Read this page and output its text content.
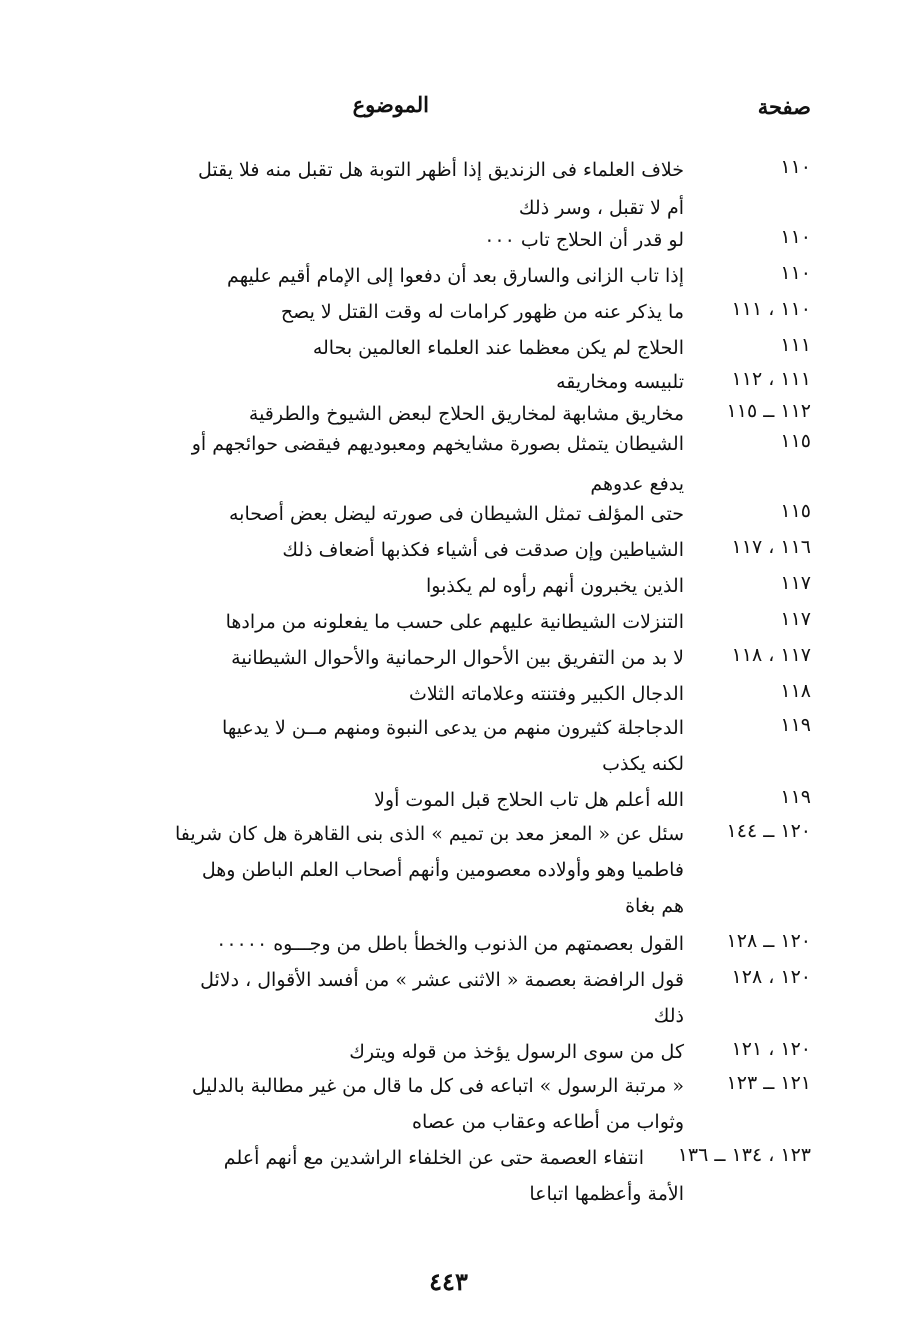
صفحة
الموضوع
١١٠
خلاف العلماء فى الزنديق إذا أظهر التوبة هل تقبل منه فلا يقتل
أم لا تقبل ، وسر ذلك
١١٠
لو قدر أن الحلاج تاب ٠٠٠
١١٠
إذا تاب الزانى والسارق بعد أن دفعوا إلى الإمام أقيم عليهم
١١٠ ، ١١١
ما يذكر عنه من ظهور كرامات له وقت القتل لا يصح
١١١
الحلاج لم يكن معظما عند العلماء العالمين بحاله
١١١ ، ١١٢
تلبيسه ومخاريقه
١١٢ ــ ١١٥
مخاريق مشابهة لمخاريق الحلاج لبعض الشيوخ والطرقية
١١٥
الشيطان يتمثل بصورة مشايخهم ومعبوديهم فيقضى حوائجهم أو
يدفع عدوهم
١١٥
حتى المؤلف تمثل الشيطان فى صورته ليضل بعض أصحابه
١١٦ ، ١١٧
الشياطين وإن صدقت فى أشياء فكذبها أضعاف ذلك
١١٧
الذين يخبرون أنهم رأوه لم يكذبوا
١١٧
التنزلات الشيطانية عليهم على حسب ما يفعلونه من مرادها
١١٧ ، ١١٨
لا بد من التفريق بين الأحوال الرحمانية والأحوال الشيطانية
١١٨
الدجال الكبير وفتنته وعلاماته الثلاث
١١٩
الدجاجلة كثيرون منهم من يدعى النبوة ومنهم مــن لا يدعيها
لكنه يكذب
١١٩
الله أعلم هل تاب الحلاج قبل الموت أولا
١٢٠ ــ ١٤٤
سئل عن « المعز معد بن تميم » الذى بنى القاهرة هل كان شريفا
فاطميا وهو وأولاده معصومين وأنهم أصحاب العلم الباطن وهل
هم بغاة
١٢٠ ــ ١٢٨
القول بعصمتهم من الذنوب والخطأ باطل من وجـــوه ٠٠٠٠٠
١٢٠ ، ١٢٨
قول الرافضة بعصمة « الاثنى عشر » من أفسد الأقوال ، دلائل
ذلك
١٢٠ ، ١٢١
كل من سوى الرسول يؤخذ من قوله ويترك
١٢١ ــ ١٢٣
« مرتبة الرسول » اتباعه فى كل ما قال من غير مطالبة بالدليل
وثواب من أطاعه وعقاب من عصاه
١٢٣ ، ١٣٤ ــ ١٣٦
انتفاء العصمة حتى عن الخلفاء الراشدين مع أنهم أعلم
الأمة وأعظمها اتباعا
٤٤٣
